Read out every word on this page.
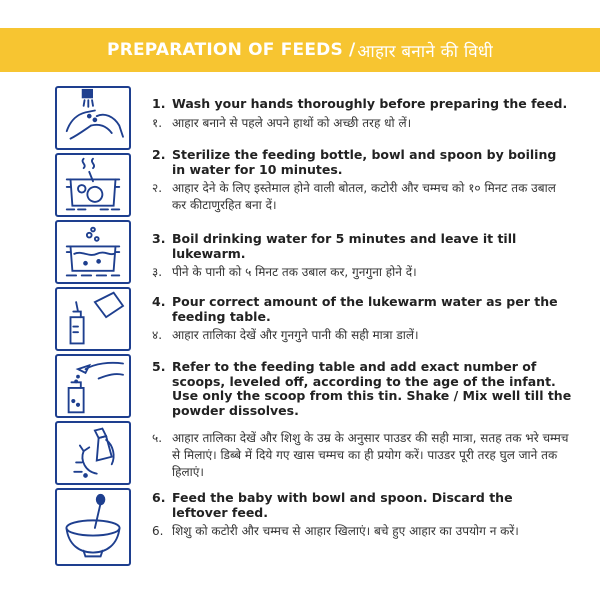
PREPARATION OF FEEDS / आहार बनाने की विधी
1. Wash your hands thoroughly before preparing the feed.
१. आहार बनाने से पहले अपने हाथों को अच्छी तरह धो लें।
2. Sterilize the feeding bottle, bowl and spoon by boiling in water for 10 minutes.
२. आहार देने के लिए इस्तेमाल होने वाली बोतल, कटोरी और चम्मच को १० मिनट तक उबाल कर कीटाणुरहित बना दें।
3. Boil drinking water for 5 minutes and leave it till lukewarm.
३. पीने के पानी को ५ मिनट तक उबाल कर, गुनगुना होने दें।
4. Pour correct amount of the lukewarm water as per the feeding table.
४. आहार तालिका देखें और गुनगुने पानी की सही मात्रा डालें।
5. Refer to the feeding table and add exact number of scoops, leveled off, according to the age of the infant. Use only the scoop from this tin. Shake / Mix well till the powder dissolves.
५. आहार तालिका देखें और शिशु के उम्र के अनुसार पाउडर की सही मात्रा, सतह तक भरे चम्मच से मिलाएं। डिब्बे में दिये गए खास चम्मच का ही प्रयोग करें। पाउडर पूरी तरह घुल जाने तक हिलाएं।
6. Feed the baby with bowl and spoon. Discard the leftover feed.
6. शिशु को कटोरी और चम्मच से आहार खिलाएं। बचे हुए आहार का उपयोग न करें।
